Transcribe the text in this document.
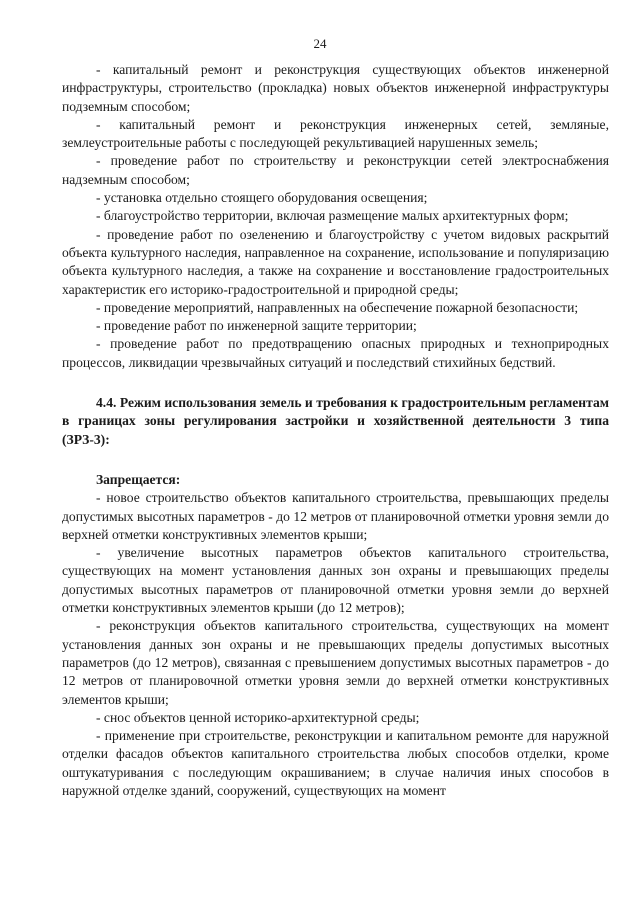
24

- капитальный ремонт и реконструкция существующих объектов инженерной инфраструктуры, строительство (прокладка) новых объектов инженерной инфраструктуры подземным способом;

- капитальный ремонт и реконструкция инженерных сетей, земляные, землеустроительные работы с последующей рекультивацией нарушенных земель;

- проведение работ по строительству и реконструкции сетей электроснабжения надземным способом;

- установка отдельно стоящего оборудования освещения;

- благоустройство территории, включая размещение малых архитектурных форм;

- проведение работ по озеленению и благоустройству с учетом видовых раскрытий объекта культурного наследия, направленное на сохранение, использование и популяризацию объекта культурного наследия, а также на сохранение и восстановление градостроительных характеристик его историко-градостроительной и природной среды;

- проведение мероприятий, направленных на обеспечение пожарной безопасности;

- проведение работ по инженерной защите территории;

- проведение работ по предотвращению опасных природных и техноприродных процессов, ликвидации чрезвычайных ситуаций и последствий стихийных бедствий.

4.4. Режим использования земель и требования к градостроительным регламентам в границах зоны регулирования застройки и хозяйственной деятельности 3 типа (ЗРЗ-3):

Запрещается:

- новое строительство объектов капитального строительства, превышающих пределы допустимых высотных параметров - до 12 метров от планировочной отметки уровня земли до верхней отметки конструктивных элементов крыши;

- увеличение высотных параметров объектов капитального строительства, существующих на момент установления данных зон охраны и превышающих пределы допустимых высотных параметров от планировочной отметки уровня земли до верхней отметки конструктивных элементов крыши (до 12 метров);

- реконструкция объектов капитального строительства, существующих на момент установления данных зон охраны и не превышающих пределы допустимых высотных параметров (до 12 метров), связанная с превышением допустимых высотных параметров - до 12 метров от планировочной отметки уровня земли до верхней отметки конструктивных элементов крыши;

- снос объектов ценной историко-архитектурной среды;

- применение при строительстве, реконструкции и капитальном ремонте для наружной отделки фасадов объектов капитального строительства любых способов отделки, кроме оштукатуривания с последующим окрашиванием; в случае наличия иных способов в наружной отделке зданий, сооружений, существующих на момент
